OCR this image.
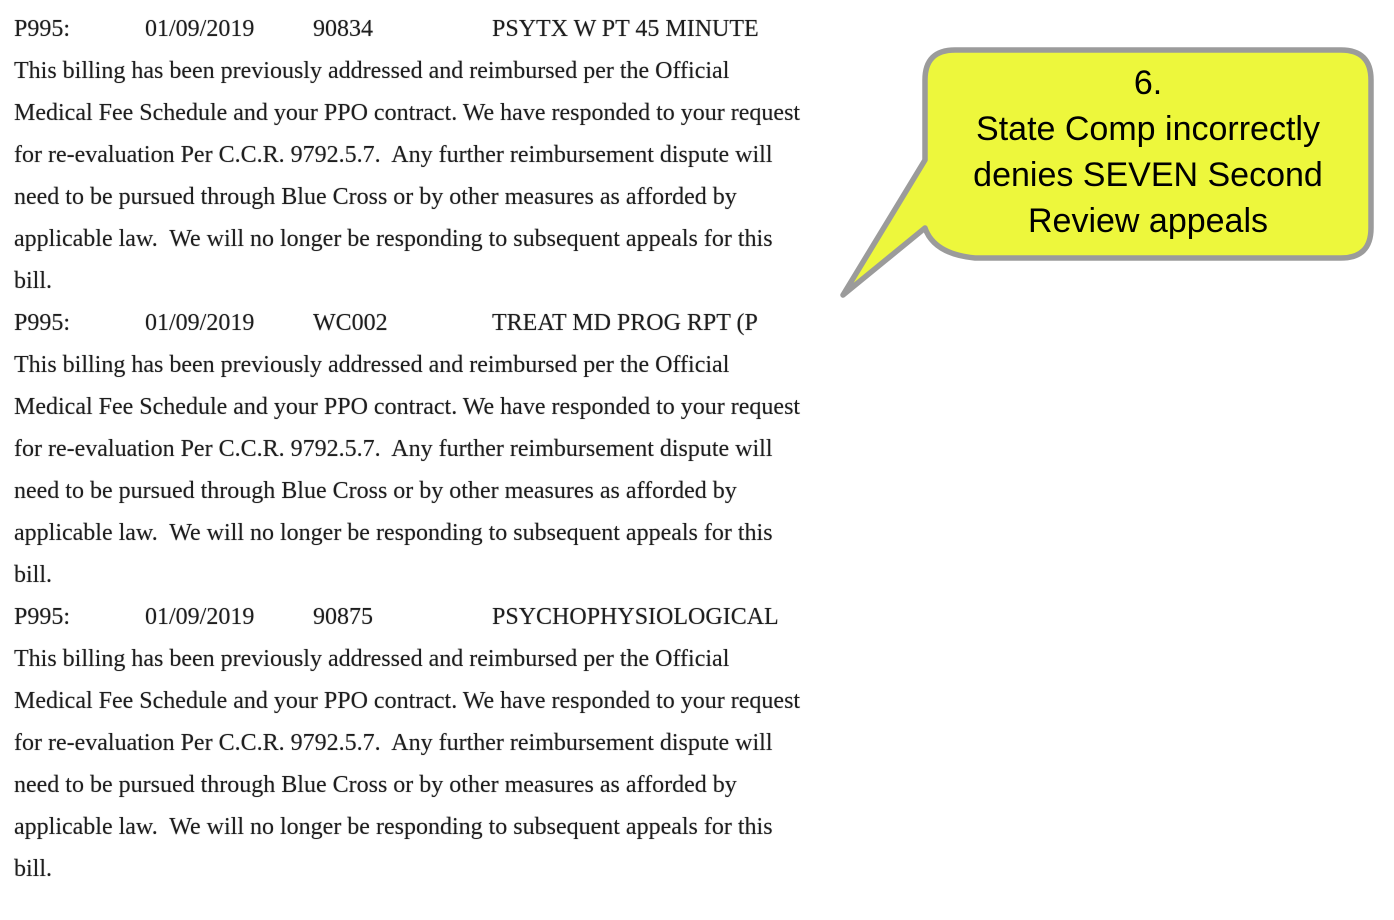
P995:	01/09/2019	90834	PSYTX W PT 45 MINUTE
This billing has been previously addressed and reimbursed per the Official
Medical Fee Schedule and your PPO contract. We have responded to your request
for re-evaluation Per C.C.R. 9792.5.7.  Any further reimbursement dispute will
need to be pursued through Blue Cross or by other measures as afforded by
applicable law.  We will no longer be responding to subsequent appeals for this
bill.
P995:	01/09/2019	WC002	TREAT MD PROG RPT (P
This billing has been previously addressed and reimbursed per the Official
Medical Fee Schedule and your PPO contract. We have responded to your request
for re-evaluation Per C.C.R. 9792.5.7.  Any further reimbursement dispute will
need to be pursued through Blue Cross or by other measures as afforded by
applicable law.  We will no longer be responding to subsequent appeals for this
bill.
P995:	01/09/2019	90875	PSYCHOPHYSIOLOGICAL
This billing has been previously addressed and reimbursed per the Official
Medical Fee Schedule and your PPO contract. We have responded to your request
for re-evaluation Per C.C.R. 9792.5.7.  Any further reimbursement dispute will
need to be pursued through Blue Cross or by other measures as afforded by
applicable law.  We will no longer be responding to subsequent appeals for this
bill.
6.
State Comp incorrectly
denies SEVEN Second
Review appeals
